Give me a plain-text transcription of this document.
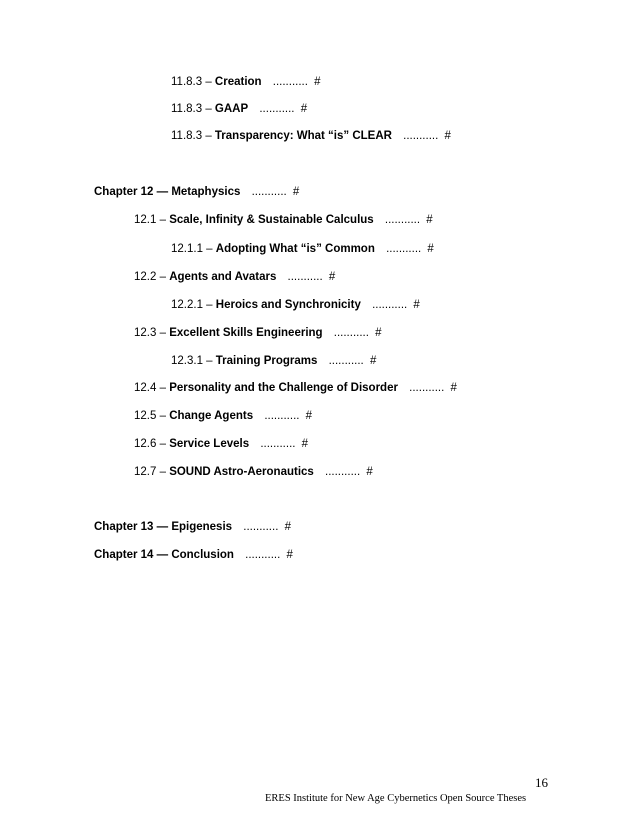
11.8.3 – Creation ........... #
11.8.3 – GAAP ........... #
11.8.3 – Transparency: What “is” CLEAR ........... #
Chapter 12 — Metaphysics ........... #
12.1 – Scale, Infinity & Sustainable Calculus ........... #
12.1.1 – Adopting What “is” Common ........... #
12.2 – Agents and Avatars ........... #
12.2.1 – Heroics and Synchronicity ........... #
12.3 – Excellent Skills Engineering ........... #
12.3.1 – Training Programs ........... #
12.4 – Personality and the Challenge of Disorder ........... #
12.5 – Change Agents ........... #
12.6 – Service Levels ........... #
12.7 – SOUND Astro-Aeronautics ........... #
Chapter 13 — Epigenesis ........... #
Chapter 14 — Conclusion ........... #
16
ERES Institute for New Age Cybernetics Open Source Theses
